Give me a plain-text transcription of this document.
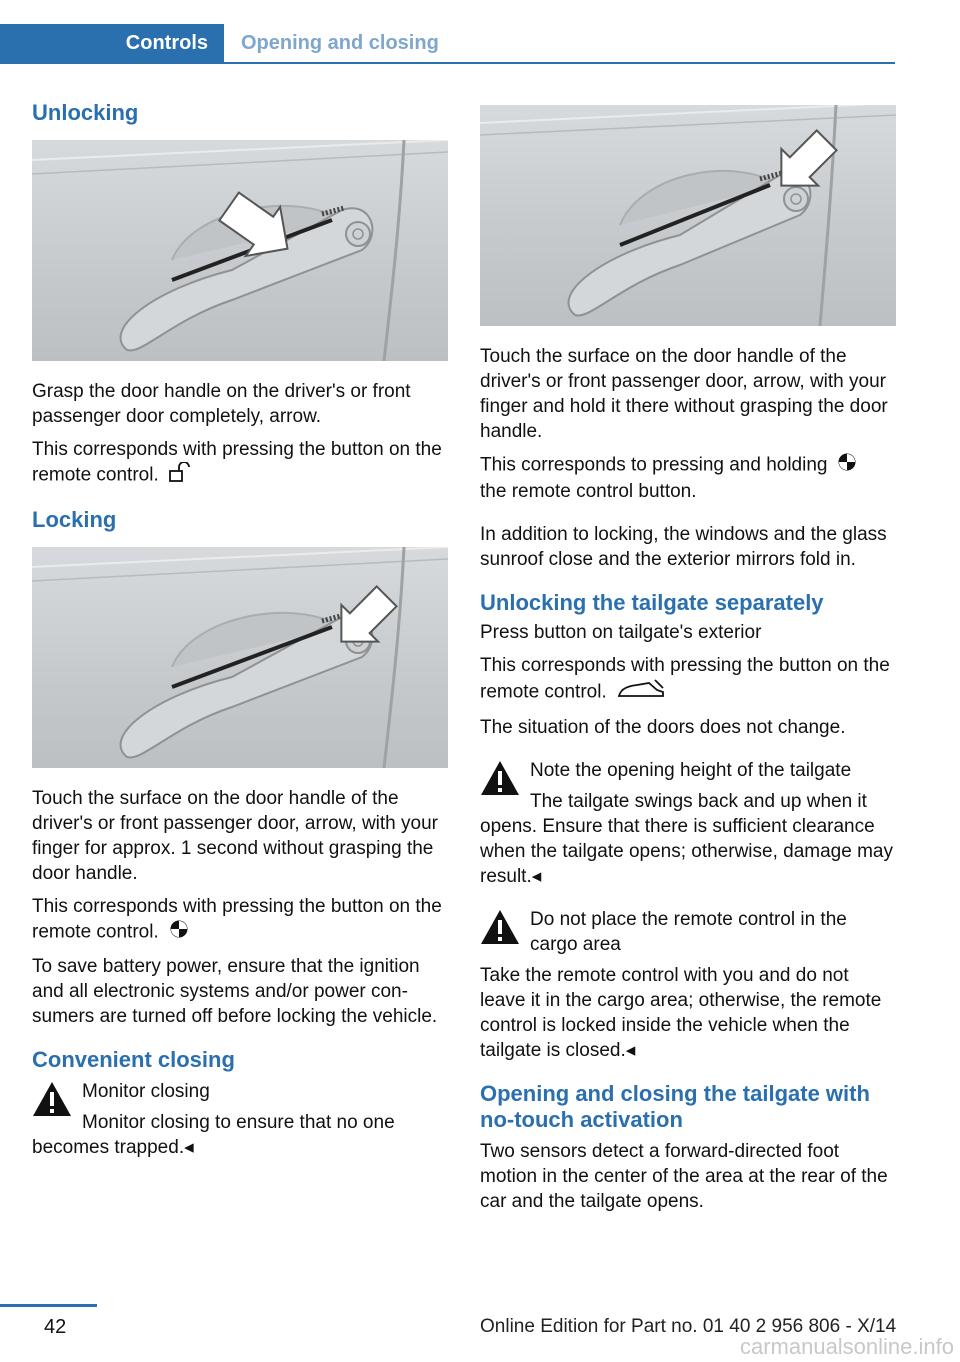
Controls	Opening and closing
Unlocking

Grasp the door handle on the driver's or front passenger door completely, arrow.

This corresponds with pressing the button on the remote control.

Locking

Touch the surface on the door handle of the driver's or front passenger door, arrow, with your finger for approx. 1 second without grasping the door handle.

This corresponds with pressing the button on the remote control.

To save battery power, ensure that the ignition and all electronic systems and/or power consumers are turned off before locking the vehicle.

Convenient closing

Monitor closing

Monitor closing to ensure that no one becomes trapped.◂

Touch the surface on the door handle of the driver's or front passenger door, arrow, with your finger and hold it there without grasping the door handle.

This corresponds to pressing and holding
the remote control button.

In addition to locking, the windows and the glass sunroof close and the exterior mirrors fold in.

Unlocking the tailgate separately

Press button on tailgate's exterior

This corresponds with pressing the button on the remote control.

The situation of the doors does not change.

Note the opening height of the tailgate

The tailgate swings back and up when it opens. Ensure that there is sufficient clearance when the tailgate opens; otherwise, damage may result.◂

Do not place the remote control in the cargo area

Take the remote control with you and do not leave it in the cargo area; otherwise, the remote control is locked inside the vehicle when the tailgate is closed.◂

Opening and closing the tailgate with no-touch activation

Two sensors detect a forward-directed foot motion in the center of the area at the rear of the car and the tailgate opens.

42	Online Edition for Part no. 01 40 2 956 806 - X/14
carmanualsonline.info
